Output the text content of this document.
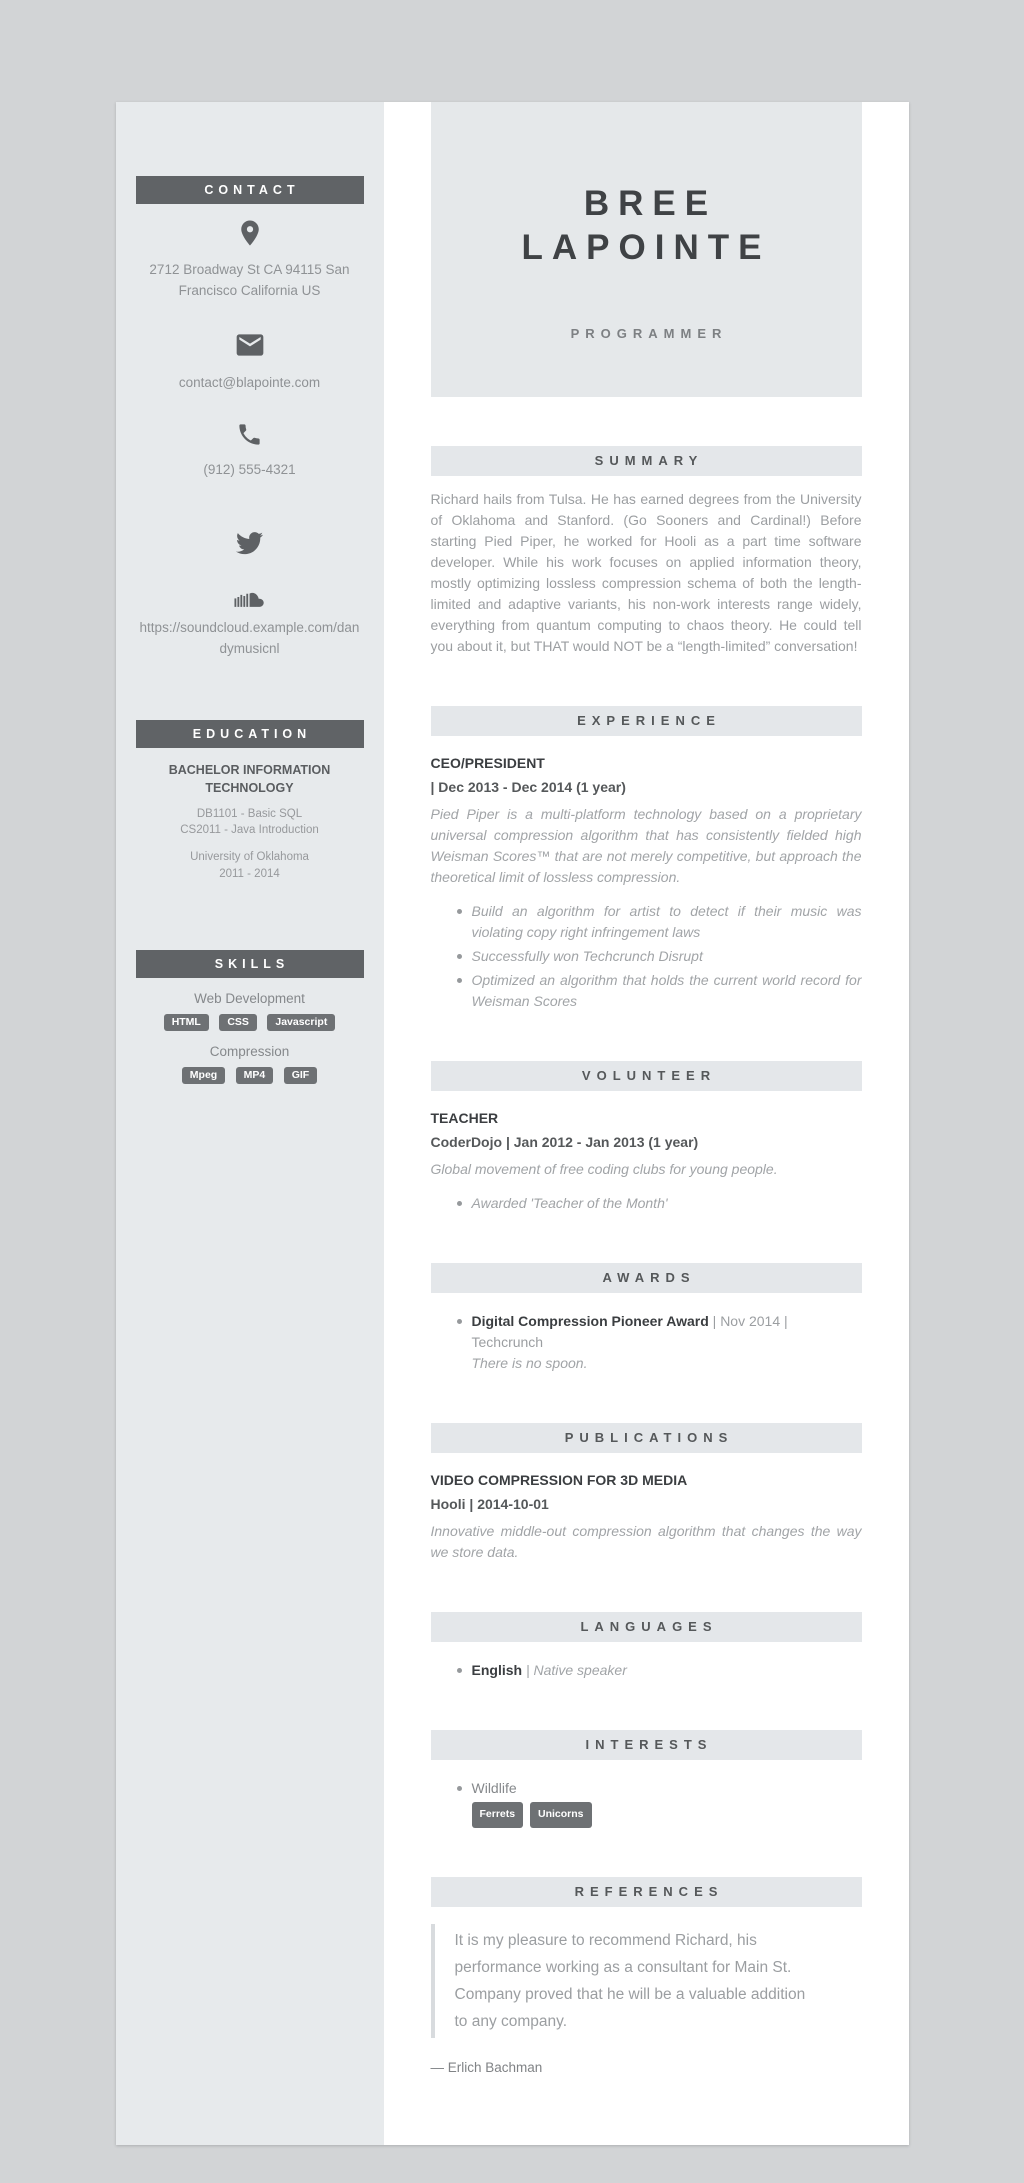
CONTACT
2712 Broadway St CA 94115 San Francisco California US
contact@blapointe.com
(912) 555-4321
https://soundcloud.example.com/dandymusicnl
EDUCATION
BACHELOR INFORMATION TECHNOLOGY
DB1101 - Basic SQL
CS2011 - Java Introduction
University of Oklahoma
2011 - 2014
SKILLS
Web Development
HTML	CSS	Javascript
Compression
Mpeg	MP4	GIF
BREE LAPOINTE
PROGRAMMER
SUMMARY

Richard hails from Tulsa. He has earned degrees from the University of Oklahoma and Stanford. (Go Sooners and Cardinal!) Before starting Pied Piper, he worked for Hooli as a part time software developer. While his work focuses on applied information theory, mostly optimizing lossless compression schema of both the length-limited and adaptive variants, his non-work interests range widely, everything from quantum computing to chaos theory. He could tell you about it, but THAT would NOT be a “length-limited” conversation!

EXPERIENCE
CEO/PRESIDENT
| Dec 2013 - Dec 2014 (1 year)
Pied Piper is a multi-platform technology based on a proprietary universal compression algorithm that has consistently fielded high Weisman Scores™ that are not merely competitive, but approach the theoretical limit of lossless compression.
Build an algorithm for artist to detect if their music was violating copy right infringement laws
Successfully won Techcrunch Disrupt
Optimized an algorithm that holds the current world record for Weisman Scores
VOLUNTEER
TEACHER
CoderDojo | Jan 2012 - Jan 2013 (1 year)
Global movement of free coding clubs for young people.
Awarded 'Teacher of the Month'
AWARDS
Digital Compression Pioneer Award | Nov 2014 | Techcrunch
There is no spoon.
PUBLICATIONS
VIDEO COMPRESSION FOR 3D MEDIA
Hooli | 2014-10-01
Innovative middle-out compression algorithm that changes the way we store data.
LANGUAGES
English | Native speaker
INTERESTS
Wildlife
Ferrets Unicorns
REFERENCES
It is my pleasure to recommend Richard, his performance working as a consultant for Main St. Company proved that he will be a valuable addition to any company.
— Erlich Bachman
